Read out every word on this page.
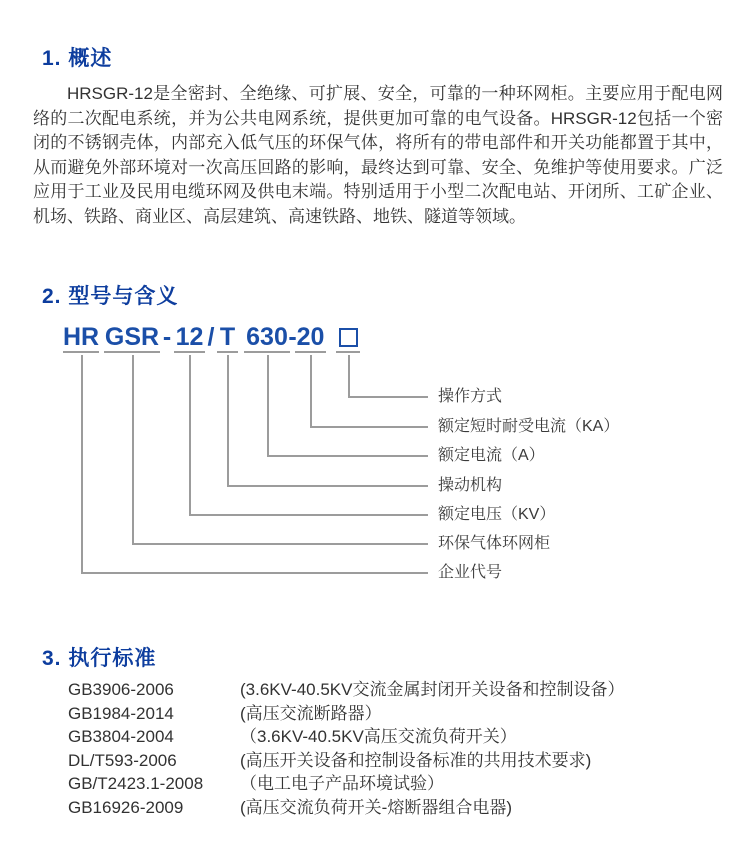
1. 概述

HRSGR-12是全密封、全绝缘、可扩展、安全，可靠的一种环网柜。主要应用于配电网络的二次配电系统，并为公共电网系统，提供更加可靠的电气设备。HRSGR-12包括一个密闭的不锈钢壳体，内部充入低气压的环保气体，将所有的带电部件和开关功能都置于其中，从而避免外部环境对一次高压回路的影响，最终达到可靠、安全、免维护等使用要求。广泛应用于工业及民用电缆环网及供电末端。特别适用于小型二次配电站、开闭所、工矿企业、机场、铁路、商业区、高层建筑、高速铁路、地铁、隧道等领域。

2. 型号与含义
HR GSR - 12 / T 630 - 20
操作方式
额定短时耐受电流（KA）
额定电流（A）
操动机构
额定电压（KV）
环保气体环网柜
企业代号
3. 执行标准
GB3906-2006	(3.6KV-40.5KV交流金属封闭开关设备和控制设备）
GB1984-2014	(高压交流断路器）
GB3804-2004	（3.6KV-40.5KV高压交流负荷开关）
DL/T593-2006	(高压开关设备和控制设备标准的共用技术要求)
GB/T2423.1-2008	（电工电子产品环境试验）
GB16926-2009	(高压交流负荷开关-熔断器组合电器)
